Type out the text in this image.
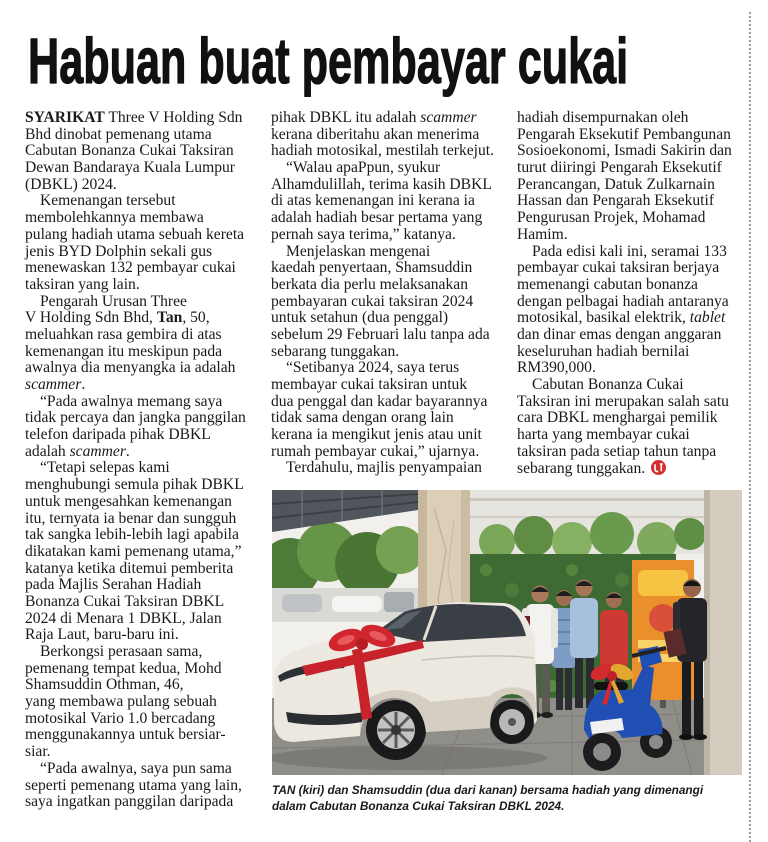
Habuan buat pembayar cukai
SYARIKAT Three V Holding Sdn
Bhd dinobat pemenang utama
Cabutan Bonanza Cukai Taksiran
Dewan Bandaraya Kuala Lumpur
(DBKL) 2024.
Kemenangan tersebut
membolehkannya membawa
pulang hadiah utama sebuah kereta
jenis BYD Dolphin sekali gus
menewaskan 132 pembayar cukai
taksiran yang lain.
Pengarah Urusan Three
V Holding Sdn Bhd, Tan, 50,
meluahkan rasa gembira di atas
kemenangan itu meskipun pada
awalnya dia menyangka ia adalah
scammer.
“Pada awalnya memang saya
tidak percaya dan jangka panggilan
telefon daripada pihak DBKL
adalah scammer.
“Tetapi selepas kami
menghubungi semula pihak DBKL
untuk mengesahkan kemenangan
itu, ternyata ia benar dan sungguh
tak sangka lebih-lebih lagi apabila
dikatakan kami pemenang utama,”
katanya ketika ditemui pemberita
pada Majlis Serahan Hadiah
Bonanza Cukai Taksiran DBKL
2024 di Menara 1 DBKL, Jalan
Raja Laut, baru-baru ini.
Berkongsi perasaan sama,
pemenang tempat kedua, Mohd
Shamsuddin Othman, 46,
yang membawa pulang sebuah
motosikal Vario 1.0 bercadang
menggunakannya untuk bersiar-
siar.
“Pada awalnya, saya pun sama
seperti pemenang utama yang lain,
saya ingatkan panggilan daripada
pihak DBKL itu adalah scammer
kerana diberitahu akan menerima
hadiah motosikal, mestilah terkejut.
“Walau apaPpun, syukur
Alhamdulillah, terima kasih DBKL
di atas kemenangan ini kerana ia
adalah hadiah besar pertama yang
pernah saya terima,” katanya.
Menjelaskan mengenai
kaedah penyertaan, Shamsuddin
berkata dia perlu melaksanakan
pembayaran cukai taksiran 2024
untuk setahun (dua penggal)
sebelum 29 Februari lalu tanpa ada
sebarang tunggakan.
“Setibanya 2024, saya terus
membayar cukai taksiran untuk
dua penggal dan kadar bayarannya
tidak sama dengan orang lain
kerana ia mengikut jenis atau unit
rumah pembayar cukai,” ujarnya.
Terdahulu, majlis penyampaian
hadiah disempurnakan oleh
Pengarah Eksekutif Pembangunan
Sosioekonomi, Ismadi Sakirin dan
turut diiringi Pengarah Eksekutif
Perancangan, Datuk Zulkarnain
Hassan dan Pengarah Eksekutif
Pengurusan Projek, Mohamad
Hamim.
Pada edisi kali ini, seramai 133
pembayar cukai taksiran berjaya
memenangi cabutan bonanza
dengan pelbagai hadiah antaranya
motosikal, basikal elektrik, tablet
dan dinar emas dengan anggaran
keseluruhan hadiah bernilai
RM390,000.
Cabutan Bonanza Cukai
Taksiran ini merupakan salah satu
cara DBKL menghargai pemilik
harta yang membayar cukai
taksiran pada setiap tahun tanpa
sebarang tunggakan.
TAN (kiri) dan Shamsuddin (dua dari kanan) bersama hadiah yang dimenangi
dalam Cabutan Bonanza Cukai Taksiran DBKL 2024.
